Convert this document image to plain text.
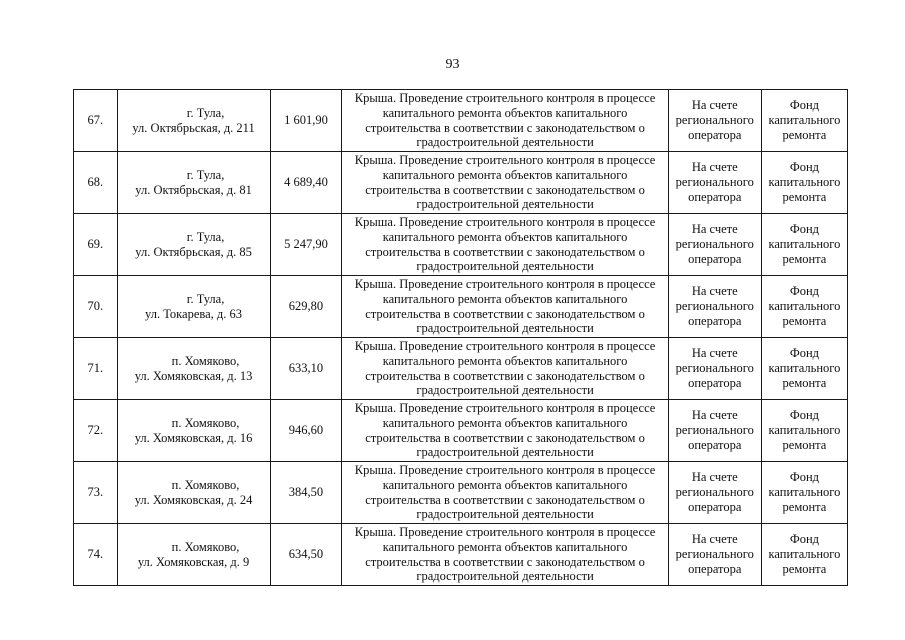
93
67.	г. Тула,
ул. Октябрьская, д. 211	1 601,90	Крыша. Проведение строительного контроля в процессе
капитального ремонта объектов капитального
строительства в соответствии с законодательством о
градостроительной деятельности	На счете
регионального
оператора	Фонд
капитального
ремонта

68.	г. Тула,
ул. Октябрьская, д. 81	4 689,40	Крыша. Проведение строительного контроля в процессе
капитального ремонта объектов капитального
строительства в соответствии с законодательством о
градостроительной деятельности	На счете
регионального
оператора	Фонд
капитального
ремонта

69.	г. Тула,
ул. Октябрьская, д. 85	5 247,90	Крыша. Проведение строительного контроля в процессе
капитального ремонта объектов капитального
строительства в соответствии с законодательством о
градостроительной деятельности	На счете
регионального
оператора	Фонд
капитального
ремонта

70.	г. Тула,
ул. Токарева, д. 63	629,80	Крыша. Проведение строительного контроля в процессе
капитального ремонта объектов капитального
строительства в соответствии с законодательством о
градостроительной деятельности	На счете
регионального
оператора	Фонд
капитального
ремонта

71.	п. Хомяково,
ул. Хомяковская, д. 13	633,10	Крыша. Проведение строительного контроля в процессе
капитального ремонта объектов капитального
строительства в соответствии с законодательством о
градостроительной деятельности	На счете
регионального
оператора	Фонд
капитального
ремонта

72.	п. Хомяково,
ул. Хомяковская, д. 16	946,60	Крыша. Проведение строительного контроля в процессе
капитального ремонта объектов капитального
строительства в соответствии с законодательством о
градостроительной деятельности	На счете
регионального
оператора	Фонд
капитального
ремонта

73.	п. Хомяково,
ул. Хомяковская, д. 24	384,50	Крыша. Проведение строительного контроля в процессе
капитального ремонта объектов капитального
строительства в соответствии с законодательством о
градостроительной деятельности	На счете
регионального
оператора	Фонд
капитального
ремонта

74.	п. Хомяково,
ул. Хомяковская, д. 9	634,50	Крыша. Проведение строительного контроля в процессе
капитального ремонта объектов капитального
строительства в соответствии с законодательством о
градостроительной деятельности	На счете
регионального
оператора	Фонд
капитального
ремонта
